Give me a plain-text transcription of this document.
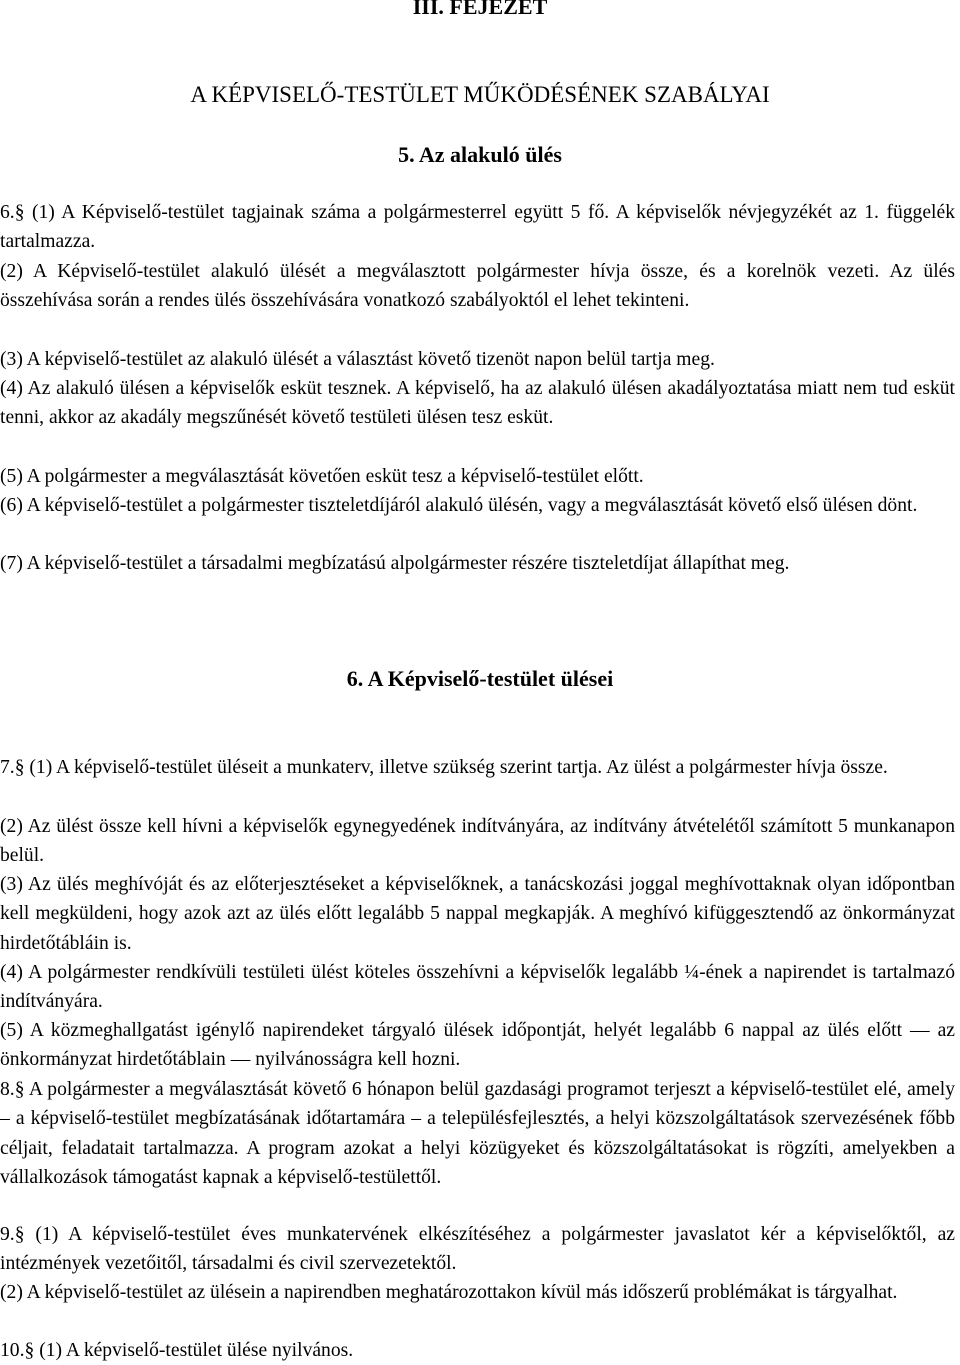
III. FEJEZET
A KÉPVISELŐ-TESTÜLET MŰKÖDÉSÉNEK SZABÁLYAI
5. Az alakuló ülés
6.§ (1) A Képviselő-testület tagjainak száma a polgármesterrel együtt 5 fő. A képviselők névjegyzékét az 1. függelék tartalmazza.
(2) A Képviselő-testület alakuló ülését a megválasztott polgármester hívja össze, és a korelnök vezeti. Az ülés összehívása során a rendes ülés összehívására vonatkozó szabályoktól el lehet tekinteni.
(3) A képviselő-testület az alakuló ülését a választást követő tizenöt napon belül tartja meg.
(4) Az alakuló ülésen a képviselők esküt tesznek. A képviselő, ha az alakuló ülésen akadályoztatása miatt nem tud esküt tenni, akkor az akadály megszűnését követő testületi ülésen tesz esküt.
(5) A polgármester a megválasztását követően esküt tesz a képviselő-testület előtt.
(6) A képviselő-testület a polgármester tiszteletdíjáról alakuló ülésén, vagy a megválasztását követő első ülésen dönt.
(7) A képviselő-testület a társadalmi megbízatású alpolgármester részére tiszteletdíjat állapíthat meg.
6. A Képviselő-testület ülései
7.§ (1) A képviselő-testület üléseit a munkaterv, illetve szükség szerint tartja. Az ülést a polgármester hívja össze.
(2) Az ülést össze kell hívni a képviselők egynegyedének indítványára, az indítvány átvételétől számított 5 munkanapon belül.
(3) Az ülés meghívóját és az előterjesztéseket a képviselőknek, a tanácskozási joggal meghívottaknak olyan időpontban kell megküldeni, hogy azok azt az ülés előtt legalább 5 nappal megkapják. A meghívó kifüggesztendő az önkormányzat hirdetőtábláin is.
(4) A polgármester rendkívüli testületi ülést köteles összehívni a képviselők legalább ¼-ének a napirendet is tartalmazó indítványára.
(5) A közmeghallgatást igénylő napirendeket tárgyaló ülések időpontját, helyét legalább 6 nappal az ülés előtt — az önkormányzat hirdetőtáblain — nyilvánosságra kell hozni.
8.§ A polgármester a megválasztását követő 6 hónapon belül gazdasági programot terjeszt a képviselő-testület elé, amely – a képviselő-testület megbízatásának időtartamára – a településfejlesztés, a helyi közszolgáltatások szervezésének főbb céljait, feladatait tartalmazza. A program azokat a helyi közügyeket és közszolgáltatásokat is rögzíti, amelyekben a vállalkozások támogatást kapnak a képviselő-testülettől.
9.§ (1) A képviselő-testület éves munkatervének elkészítéséhez a polgármester javaslatot kér a képviselőktől, az intézmények vezetőitől, társadalmi és civil szervezetektől.
(2) A képviselő-testület az ülésein a napirendben meghatározottakon kívül más időszerű problémákat is tárgyalhat.
10.§ (1) A képviselő-testület ülése nyilvános.
